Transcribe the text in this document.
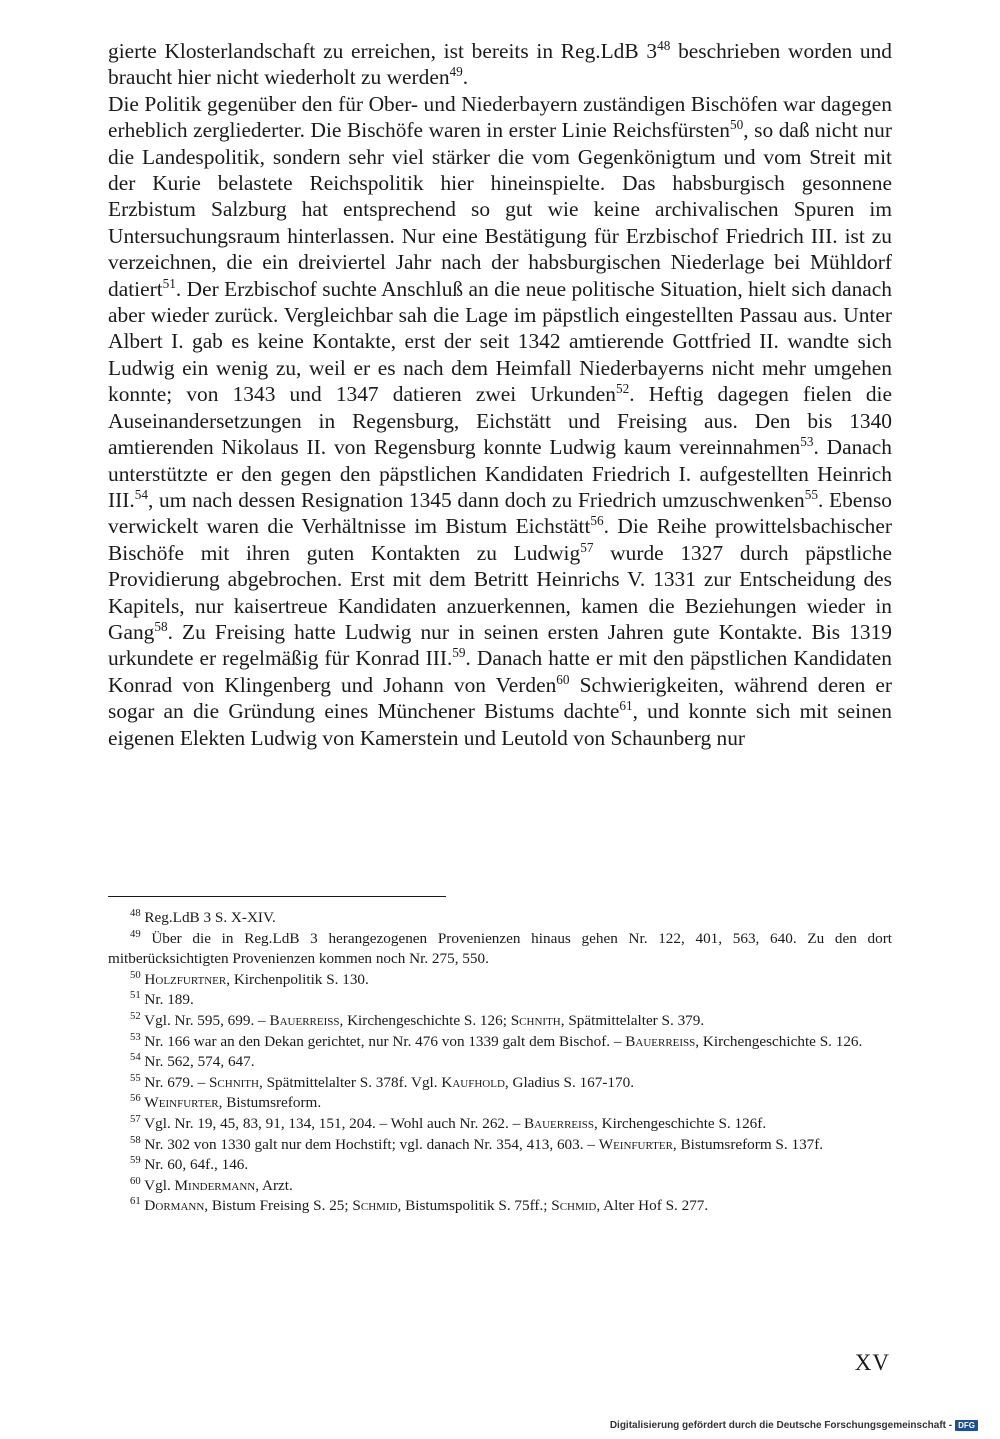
gierte Klosterlandschaft zu erreichen, ist bereits in Reg.LdB $3^{48}$ beschrieben worden und braucht hier nicht wiederholt zu werden$^{49}$.

Die Politik gegenüber den für Ober- und Niederbayern zuständigen Bischöfen war dagegen erheblich zergliederter. Die Bischöfe waren in erster Linie Reichsfürsten$^{50}$, so daß nicht nur die Landespolitik, sondern sehr viel stärker die vom Gegenkönigtum und vom Streit mit der Kurie belastete Reichspolitik hier hineinspielte. Das habsburgisch gesonnene Erzbistum Salzburg hat entsprechend so gut wie keine archivalischen Spuren im Untersuchungsraum hinterlassen. Nur eine Bestätigung für Erzbischof Friedrich III. ist zu verzeichnen, die ein dreiviertel Jahr nach der habsburgischen Niederlage bei Mühldorf datiert$^{51}$. Der Erzbischof suchte Anschluß an die neue politische Situation, hielt sich danach aber wieder zurück. Vergleichbar sah die Lage im päpstlich eingestellten Passau aus. Unter Albert I. gab es keine Kontakte, erst der seit 1342 amtierende Gottfried II. wandte sich Ludwig ein wenig zu, weil er es nach dem Heimfall Niederbayerns nicht mehr umgehen konnte; von 1343 und 1347 datieren zwei Urkunden$^{52}$. Heftig dagegen fielen die Auseinandersetzungen in Regensburg, Eichstätt und Freising aus. Den bis 1340 amtierenden Nikolaus II. von Regensburg konnte Ludwig kaum vereinnahmen$^{53}$. Danach unterstützte er den gegen den päpstlichen Kandidaten Friedrich I. aufgestellten Heinrich III.$^{54}$, um nach dessen Resignation 1345 dann doch zu Friedrich umzuschwenken$^{55}$. Ebenso verwickelt waren die Verhältnisse im Bistum Eichstätt$^{56}$. Die Reihe prowittelsbachischer Bischöfe mit ihren guten Kontakten zu Ludwig$^{57}$ wurde 1327 durch päpstliche Providierung abgebrochen. Erst mit dem Betritt Heinrichs V. 1331 zur Entscheidung des Kapitels, nur kaisertreue Kandidaten anzuerkennen, kamen die Beziehungen wieder in Gang$^{58}$. Zu Freising hatte Ludwig nur in seinen ersten Jahren gute Kontakte. Bis 1319 urkundete er regelmäßig für Konrad III.$^{59}$. Danach hatte er mit den päpstlichen Kandidaten Konrad von Klingenberg und Johann von Verden$^{60}$ Schwierigkeiten, während deren er sogar an die Gründung eines Münchener Bistums dachte$^{61}$, und konnte sich mit seinen eigenen Elekten Ludwig von Kamerstein und Leutold von Schaunberg nur

$^{48}$ Reg.LdB 3 S. X-XIV.

$^{49}$ Über die in Reg.LdB 3 herangezogenen Provenienzen hinaus gehen Nr. 122, 401, 563, 640. Zu den dort mitberücksichtigten Provenienzen kommen noch Nr. 275, 550.

$^{50}$ Holzfurtner, Kirchenpolitik S. 130.

$^{51}$ Nr. 189.

$^{52}$ Vgl. Nr. 595, 699. – Bauerreiss, Kirchengeschichte S. 126; Schnith, Spätmittelalter S. 379.

$^{53}$ Nr. 166 war an den Dekan gerichtet, nur Nr. 476 von 1339 galt dem Bischof. – Bauerreiss, Kirchengeschichte S. 126.

$^{54}$ Nr. 562, 574, 647.

$^{55}$ Nr. 679. – Schnith, Spätmittelalter S. 378f. Vgl. Kaufhold, Gladius S. 167-170.

$^{56}$ Weinfurter, Bistumsreform.

$^{57}$ Vgl. Nr. 19, 45, 83, 91, 134, 151, 204. – Wohl auch Nr. 262. – Bauerreiss, Kirchengeschichte S. 126f.

$^{58}$ Nr. 302 von 1330 galt nur dem Hochstift; vgl. danach Nr. 354, 413, 603. – Weinfurter, Bistumsreform S. 137f.

$^{59}$ Nr. 60, 64f., 146.

$^{60}$ Vgl. Mindermann, Arzt.

$^{61}$ Dormann, Bistum Freising S. 25; Schmid, Bistumspolitik S. 75ff.; Schmid, Alter Hof S. 277.

XV
Digitalisierung gefördert durch die Deutsche Forschungsgemeinschaft - DFG
